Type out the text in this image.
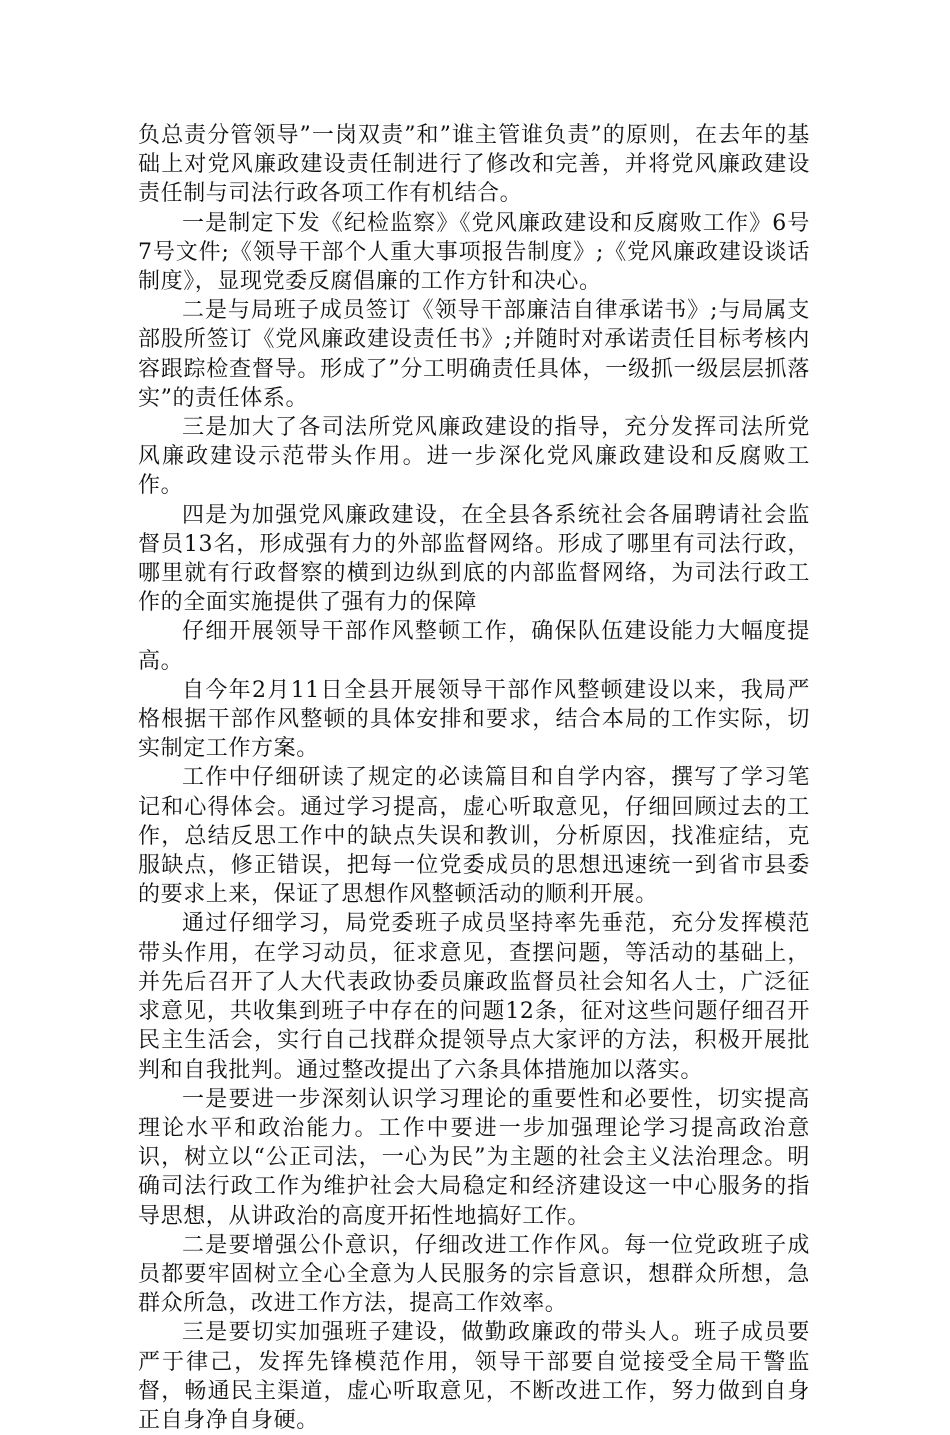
负总责分管领导”一岗双责”和”谁主管谁负责”的原则，在去年的基础上对党风廉政建设责任制进行了修改和完善，并将党风廉政建设责任制与司法行政各项工作有机结合。

一是制定下发《纪检监察》《党风廉政建设和反腐败工作》6号7号文件;《领导干部个人重大事项报告制度》;《党风廉政建设谈话制度》，显现党委反腐倡廉的工作方针和决心。

二是与局班子成员签订《领导干部廉洁自律承诺书》;与局属支部股所签订《党风廉政建设责任书》;并随时对承诺责任目标考核内容跟踪检查督导。形成了”分工明确责任具体，一级抓一级层层抓落实”的责任体系。

三是加大了各司法所党风廉政建设的指导，充分发挥司法所党风廉政建设示范带头作用。进一步深化党风廉政建设和反腐败工作。

四是为加强党风廉政建设，在全县各系统社会各届聘请社会监督员13名，形成强有力的外部监督网络。形成了哪里有司法行政，哪里就有行政督察的横到边纵到底的内部监督网络，为司法行政工作的全面实施提供了强有力的保障

仔细开展领导干部作风整顿工作，确保队伍建设能力大幅度提高。

自今年2月11日全县开展领导干部作风整顿建设以来，我局严格根据干部作风整顿的具体安排和要求，结合本局的工作实际，切实制定工作方案。

工作中仔细研读了规定的必读篇目和自学内容，撰写了学习笔记和心得体会。通过学习提高，虚心听取意见，仔细回顾过去的工作，总结反思工作中的缺点失误和教训，分析原因，找准症结，克服缺点，修正错误，把每一位党委成员的思想迅速统一到省市县委的要求上来，保证了思想作风整顿活动的顺利开展。

通过仔细学习，局党委班子成员坚持率先垂范，充分发挥模范带头作用，在学习动员，征求意见，查摆问题，等活动的基础上，并先后召开了人大代表政协委员廉政监督员社会知名人士，广泛征求意见，共收集到班子中存在的问题12条，征对这些问题仔细召开民主生活会，实行自己找群众提领导点大家评的方法，积极开展批判和自我批判。通过整改提出了六条具体措施加以落实。

一是要进一步深刻认识学习理论的重要性和必要性，切实提高理论水平和政治能力。工作中要进一步加强理论学习提高政治意识，树立以“公正司法，一心为民”为主题的社会主义法治理念。明确司法行政工作为维护社会大局稳定和经济建设这一中心服务的指导思想，从讲政治的高度开拓性地搞好工作。

二是要增强公仆意识，仔细改进工作作风。每一位党政班子成员都要牢固树立全心全意为人民服务的宗旨意识，想群众所想，急群众所急，改进工作方法，提高工作效率。

三是要切实加强班子建设，做勤政廉政的带头人。班子成员要严于律己，发挥先锋模范作用，领导干部要自觉接受全局干警监督，畅通民主渠道，虚心听取意见，不断改进工作，努力做到自身正自身净自身硬。
